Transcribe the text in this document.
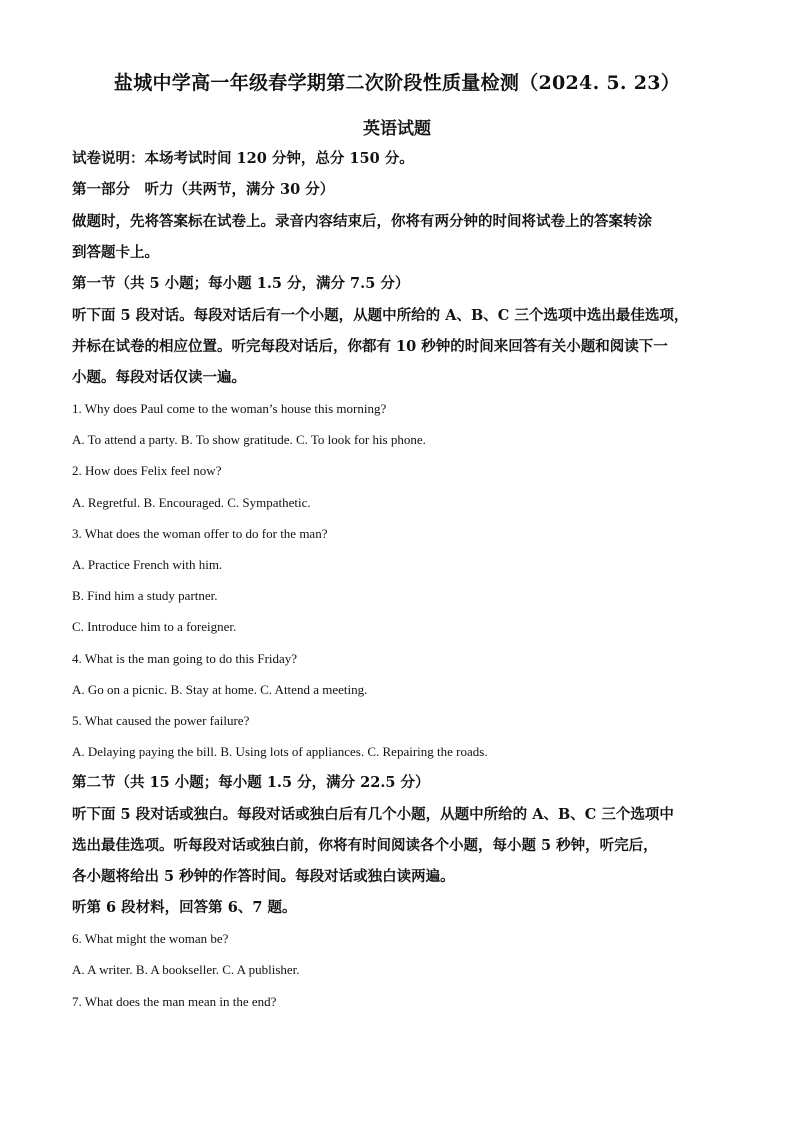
盐城中学高一年级春学期第二次阶段性质量检测（2024. 5. 23）
英语试题
试卷说明：本场考试时间 120 分钟，总分 150 分。
第一部分　听力（共两节，满分 30 分）
做题时，先将答案标在试卷上。录音内容结束后，你将有两分钟的时间将试卷上的答案转涂
到答题卡上。
第一节（共 5 小题；每小题 1.5 分，满分 7.5 分）
听下面 5 段对话。每段对话后有一个小题，从题中所给的 A、B、C 三个选项中选出最佳选项，
并标在试卷的相应位置。听完每段对话后，你都有 10 秒钟的时间来回答有关小题和阅读下一
小题。每段对话仅读一遍。
1. Why does Paul come to the woman’s house this morning?
A. To attend a party. B. To show gratitude. C. To look for his phone.
2. How does Felix feel now?
A. Regretful. B. Encouraged. C. Sympathetic.
3. What does the woman offer to do for the man?
A. Practice French with him.
B. Find him a study partner.
C. Introduce him to a foreigner.
4. What is the man going to do this Friday?
A. Go on a picnic. B. Stay at home. C. Attend a meeting.
5. What caused the power failure?
A. Delaying paying the bill. B. Using lots of appliances. C. Repairing the roads.
第二节（共 15 小题；每小题 1.5 分，满分 22.5 分）
听下面 5 段对话或独白。每段对话或独白后有几个小题，从题中所给的 A、B、C 三个选项中
选出最佳选项。听每段对话或独白前，你将有时间阅读各个小题，每小题 5 秒钟，听完后，
各小题将给出 5 秒钟的作答时间。每段对话或独白读两遍。
听第 6 段材料，回答第 6、7 题。
6. What might the woman be?
A. A writer. B. A bookseller. C. A publisher.
7. What does the man mean in the end?
